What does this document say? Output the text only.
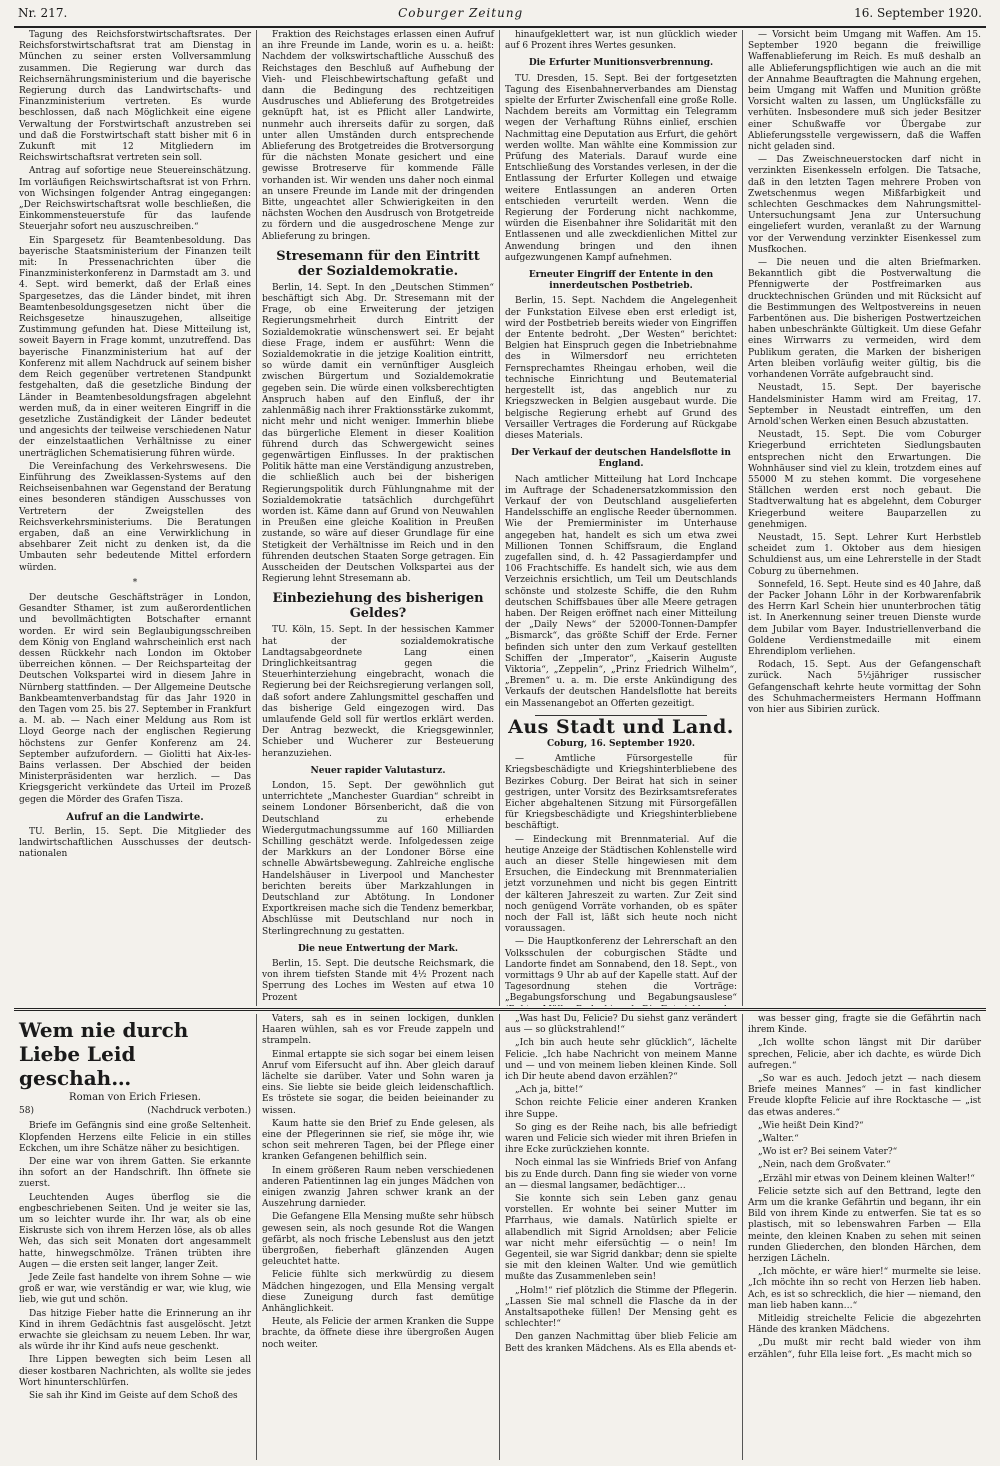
Nr. 217.	Coburger Zeitung	16. September 1920.

Tagung des Reichsforstwirtschaftsrates. Der Reichsforstwirtschaftsrat trat am Dienstag in München zu seiner ersten Vollversammlung zusammen. Die Regierung war durch das Reichsernährungsministerium und die bayerische Regierung durch das Landwirtschafts- und Finanzministerium vertreten. Es wurde beschlossen, daß nach Möglichkeit eine eigene Verwaltung der Forstwirtschaft anzustreben sei und daß die Forstwirtschaft statt bisher mit 6 in Zukunft mit 12 Mitgliedern im Reichswirtschaftsrat vertreten sein soll.

Antrag auf sofortige neue Steuereinschätzung. Im vorläufigen Reichswirtschaftsrat ist von Frhrn. von Wichsingen folgender Antrag eingegangen: „Der Reichswirtschaftsrat wolle beschließen, die Einkommensteuerstufe für das laufende Steuerjahr sofort neu auszuschreiben.“

Ein Spargesetz für Beamtenbesoldung. Das bayerische Staatsministerium der Finanzen teilt mit: In Pressenachrichten über die Finanzministerkonferenz in Darmstadt am 3. und 4. Sept. wird bemerkt, daß der Erlaß eines Spargesetzes, das die Länder bindet, mit ihren Beamtenbesoldungsgesetzen nicht über die Reichsgesetze hinauszugehen, allseitige Zustimmung gefunden hat. Diese Mitteilung ist, soweit Bayern in Frage kommt, unzutreffend. Das bayerische Finanzministerium hat auf der Konferenz mit allem Nachdruck auf seinem bisher dem Reich gegenüber vertretenen Standpunkt festgehalten, daß die gesetzliche Bindung der Länder in Beamtenbesoldungsfragen abgelehnt werden muß, da in einer weiteren Eingriff in die gesetzliche Zuständigkeit der Länder bedeutet und angesichts der teilweise verschiedenen Natur der einzelstaatlichen Verhältnisse zu einer unerträglichen Schematisierung führen würde.

Die Vereinfachung des Verkehrswesens. Die Einführung des Zweiklassen-Systems auf den Reichseisenbahnen war Gegenstand der Beratung eines besonderen ständigen Ausschusses von Vertretern der Zweigstellen des Reichsverkehrsministeriums. Die Beratungen ergaben, daß an eine Verwirklichung in absehbarer Zeit nicht zu denken ist, da die Umbauten sehr bedeutende Mittel erfordern würden.

*

Der deutsche Geschäftsträger in London, Gesandter Sthamer, ist zum außerordentlichen und bevollmächtigten Botschafter ernannt worden. Er wird sein Beglaubigungsschreiben dem König von England wahrscheinlich erst nach dessen Rückkehr nach London im Oktober überreichen können. — Der Reichsparteitag der Deutschen Volkspartei wird in diesem Jahre in Nürnberg stattfinden. — Der Allgemeine Deutsche Bankbeamtenverbandstag für das Jahr 1920 in den Tagen vom 25. bis 27. September in Frankfurt a. M. ab. — Nach einer Meldung aus Rom ist Lloyd George nach der englischen Regierung höchstens zur Genfer Konferenz am 24. September aufzufordern. — Giolitti hat Aix-les-Bains verlassen. Der Abschied der beiden Ministerpräsidenten war herzlich. — Das Kriegsgericht verkündete das Urteil im Prozeß gegen die Mörder des Grafen Tisza.

Aufruf an die Landwirte.

TU. Berlin, 15. Sept. Die Mitglieder des landwirtschaftlichen Ausschusses der deutsch-nationalen

Fraktion des Reichstages erlassen einen Aufruf an ihre Freunde im Lande, worin es u. a. heißt: Nachdem der volkswirtschaftliche Ausschuß des Reichstages den Beschluß auf Aufhebung der Vieh- und Fleischbewirtschaftung gefaßt und dann die Bedingung des rechtzeitigen Ausdrusches und Ablieferung des Brotgetreides geknüpft hat, ist es Pflicht aller Landwirte, nunmehr auch ihrerseits dafür zu sorgen, daß unter allen Umständen durch entsprechende Ablieferung des Brotgetreides die Brotversorgung für die nächsten Monate gesichert und eine gewisse Brotreserve für kommende Fälle vorhanden ist. Wir wenden uns daher noch einmal an unsere Freunde im Lande mit der dringenden Bitte, ungeachtet aller Schwierigkeiten in den nächsten Wochen den Ausdrusch von Brotgetreide zu fördern und die ausgedroschene Menge zur Ablieferung zu bringen.

Stresemann für den Eintritt der Sozialdemokratie.

Berlin, 14. Sept. In den „Deutschen Stimmen“ beschäftigt sich Abg. Dr. Stresemann mit der Frage, ob eine Erweiterung der jetzigen Regierungsmehrheit durch Eintritt der Sozialdemokratie wünschenswert sei. Er bejaht diese Frage, indem er ausführt: Wenn die Sozialdemokratie in die jetzige Koalition eintritt, so würde damit ein vernünftiger Ausgleich zwischen Bürgertum und Sozialdemokratie gegeben sein. Die würde einen volksberechtigten Anspruch haben auf den Einfluß, der ihr zahlenmäßig nach ihrer Fraktionsstärke zukommt, nicht mehr und nicht weniger. Immerhin bliebe das bürgerliche Element in dieser Koalition führend durch das Schwergewicht seines gegenwärtigen Einflusses. In der praktischen Politik hätte man eine Verständigung anzustreben, die schließlich auch bei der bisherigen Regierungspolitik durch Fühlungnahme mit der Sozialdemokratie tatsächlich durchgeführt worden ist. Käme dann auf Grund von Neuwahlen in Preußen eine gleiche Koalition in Preußen zustande, so wäre auf dieser Grundlage für eine Stetigkeit der Verhältnisse im Reich und in den führenden deutschen Staaten Sorge getragen. Ein Ausscheiden der Deutschen Volkspartei aus der Regierung lehnt Stresemann ab.

Einbeziehung des bisherigen Geldes?

TU. Köln, 15. Sept. In der hessischen Kammer hat der sozialdemokratische Landtagsabgeordnete Lang einen Dringlichkeitsantrag gegen die Steuerhinterziehung eingebracht, wonach die Regierung bei der Reichsregierung verlangen soll, daß sofort andere Zahlungsmittel geschaffen und das bisherige Geld eingezogen wird. Das umlaufende Geld soll für wertlos erklärt werden. Der Antrag bezweckt, die Kriegsgewinnler, Schieber und Wucherer zur Besteuerung heranzuziehen.

Neuer rapider Valutasturz.

London, 15. Sept. Der gewöhnlich gut unterrichtete „Manchester Guardian“ schreibt in seinem Londoner Börsenbericht, daß die von Deutschland zu erhebende Wiedergutmachungssumme auf 160 Milliarden Schilling geschätzt werde. Infolgedessen zeige der Markkurs an der Londoner Börse eine schnelle Abwärtsbewegung. Zahlreiche englische Handelshäuser in Liverpool und Manchester berichten bereits über Markzahlungen in Deutschland zur Abtötung. In Londoner Exportkreisen mache sich die Tendenz bemerkbar, Abschlüsse mit Deutschland nur noch in Sterlingrechnung zu gestatten.

Die neue Entwertung der Mark.

Berlin, 15. Sept. Die deutsche Reichsmark, die von ihrem tiefsten Stande mit 4½ Prozent nach Sperrung des Loches im Westen auf etwa 10 Prozent

hinaufgeklettert war, ist nun glücklich wieder auf 6 Prozent ihres Wertes gesunken.

Die Erfurter Munitionsverbrennung.

TU. Dresden, 15. Sept. Bei der fortgesetzten Tagung des Eisenbahnerverbandes am Dienstag spielte der Erfurter Zwischenfall eine große Rolle. Nachdem bereits am Vormittag ein Telegramm wegen der Verhaftung Rühns einlief, erschien Nachmittag eine Deputation aus Erfurt, die gehört werden wollte. Man wählte eine Kommission zur Prüfung des Materials. Darauf wurde eine Entschließung des Vorstandes verlesen, in der die Entlassung der Erfurter Kollegen und etwaige weitere Entlassungen an anderen Orten entschieden verurteilt werden. Wenn die Regierung der Forderung nicht nachkomme, würden die Eisenbahner ihre Solidarität mit den Entlassenen und alle zweckdienlichen Mittel zur Anwendung bringen und den ihnen aufgezwungenen Kampf aufnehmen.

Erneuter Eingriff der Entente in den innerdeutschen Postbetrieb.

Berlin, 15. Sept. Nachdem die Angelegenheit der Funkstation Eilvese eben erst erledigt ist, wird der Postbetrieb bereits wieder von Eingriffen der Entente bedroht. „Der Westen“ berichtet: Belgien hat Einspruch gegen die Inbetriebnahme des in Wilmersdorf neu errichteten Fernsprechamtes Rheingau erhoben, weil die technische Einrichtung und Beutematerial hergestellt ist, das angeblich nur zu Kriegszwecken in Belgien ausgebaut wurde. Die belgische Regierung erhebt auf Grund des Versailler Vertrages die Forderung auf Rückgabe dieses Materials.

Der Verkauf der deutschen Handelsflotte in England.

Nach amtlicher Mitteilung hat Lord Inchcape im Auftrage der Schadenersatzkommission den Verkauf der von Deutschland ausgelieferten Handelsschiffe an englische Reeder übernommen. Wie der Premierminister im Unterhause angegeben hat, handelt es sich um etwa zwei Millionen Tonnen Schiffsraum, die England zugefallen sind, d. h. 42 Passagierdampfer und 106 Frachtschiffe. Es handelt sich, wie aus dem Verzeichnis ersichtlich, um Teil um Deutschlands schönste und stolzeste Schiffe, die den Ruhm deutschen Schiffsbaues über alle Meere getragen haben. Der Reigen eröffnet nach einer Mitteilung der „Daily News“ der 52000-Tonnen-Dampfer „Bismarck“, das größte Schiff der Erde. Ferner befinden sich unter den zum Verkauf gestellten Schiffen der „Imperator“, „Kaiserin Auguste Viktoria“, „Zeppelin“, „Prinz Friedrich Wilhelm“, „Bremen“ u. a. m. Die erste Ankündigung des Verkaufs der deutschen Handelsflotte hat bereits ein Massenangebot an Offerten gezeitigt.

Aus Stadt und Land.
Coburg, 16. September 1920.

— Amtliche Fürsorgestelle für Kriegsbeschädigte und Kriegshinterbliebene des Bezirkes Coburg. Der Beirat hat sich in seiner gestrigen, unter Vorsitz des Bezirksamtsreferates Eicher abgehaltenen Sitzung mit Fürsorgefällen für Kriegsbeschädigte und Kriegshinterbliebene beschäftigt.

— Eindeckung mit Brennmaterial. Auf die heutige Anzeige der Städtischen Kohlenstelle wird auch an dieser Stelle hingewiesen mit dem Ersuchen, die Eindeckung mit Brennmaterialien jetzt vorzunehmen und nicht bis gegen Eintritt der kälteren Jahreszeit zu warten. Zur Zeit sind noch genügend Vorräte vorhanden, ob es später noch der Fall ist, läßt sich heute noch nicht voraussagen.

— Die Hauptkonferenz der Lehrerschaft an den Volksschulen der coburgischen Städte und Landorte findet am Sonnabend, den 18. Sept., von vormittags 9 Uhr ab auf der Kapelle statt. Auf der Tagesordnung stehen die Vorträge: „Begabungsforschung und Begabungsauslese“

— Vorsicht beim Umgang mit Waffen. Am 15. September 1920 begann die freiwillige Waffenablieferung im Reich. Es muß deshalb an alle Ablieferungspflichtigen wie auch an die mit der Annahme Beauftragten die Mahnung ergehen, beim Umgang mit Waffen und Munition größte Vorsicht walten zu lassen, um Unglücksfälle zu verhüten. Insbesondere muß sich jeder Besitzer einer Schußwaffe vor Übergabe zur Ablieferungsstelle vergewissern, daß die Waffen nicht geladen sind.

— Das Zweischneuerstocken darf nicht in verzinkten Eisenkesseln erfolgen. Die Tatsache, daß in den letzten Tagen mehrere Proben von Zwetschenmus wegen Mißfarbigkeit und schlechten Geschmackes dem Nahrungsmittel-Untersuchungsamt Jena zur Untersuchung eingeliefert wurden, veranlaßt zu der Warnung vor der Verwendung verzinkter Eisenkessel zum Musfkochen.

— Die neuen und die alten Briefmarken. Bekanntlich gibt die Postverwaltung die Pfennigwerte der Postfreimarken aus drucktechnischen Gründen und mit Rücksicht auf die Bestimmungen des Weltpostvereins in neuen Farbentönen aus. Die bisherigen Postwertzeichen haben unbeschränkte Gültigkeit. Um diese Gefahr eines Wirrwarrs zu vermeiden, wird dem Publikum geraten, die Marken der bisherigen Arten bleiben vorläufig weiter gültig, bis die vorhandenen Vorräte aufgebraucht sind.

Neustadt, 15. Sept. Der bayerische Handelsminister Hamm wird am Freitag, 17. September in Neustadt eintreffen, um den Arnold'schen Werken einen Besuch abzustatten.

Neustadt, 15. Sept. Die vom Coburger Kriegerbund errichteten Siedlungsbauten entsprechen nicht den Erwartungen. Die Wohnhäuser sind viel zu klein, trotzdem eines auf 55000 M zu stehen kommt. Die vorgesehene Ställchen werden erst noch gebaut. Die Stadtverwaltung hat es abgelehnt, dem Coburger Kriegerbund weitere Bauparzellen zu genehmigen.

Neustadt, 15. Sept. Lehrer Kurt Herbstleb scheidet zum 1. Oktober aus dem hiesigen Schuldienst aus, um eine Lehrerstelle in der Stadt Coburg zu übernehmen.

Sonnefeld, 16. Sept. Heute sind es 40 Jahre, daß der Packer Johann Löhr in der Korbwarenfabrik des Herrn Karl Schein hier ununterbrochen tätig ist. In Anerkennung seiner treuen Dienste wurde dem Jubilar vom Bayer. Industriellenverband die Goldene Verdienstmedaille mit einem Ehrendiplom verliehen.

Rodach, 15. Sept. Aus der Gefangenschaft zurück. Nach 5½jähriger russischer Gefangenschaft kehrte heute vormittag der Sohn des Schuhmachermeisters Hermann Hoffmann von hier aus Sibirien zurück.

Wem nie durch Liebe Leid geschah…
Roman von Erich Friesen.
58)	(Nachdruck verboten.)

Briefe im Gefängnis sind eine große Seltenheit. Klopfenden Herzens eilte Felicie in ein stilles Eckchen, um ihre Schätze näher zu besichtigen.

Der eine war von ihrem Gatten. Sie erkannte ihn sofort an der Handschrift. Ihn öffnete sie zuerst.

Leuchtenden Auges überflog sie die engbeschriebenen Seiten. Und je weiter sie las, um so leichter wurde ihr. Ihr war, als ob eine Eiskruste sich von ihrem Herzen löse, als ob alles Weh, das sich seit Monaten dort angesammelt hatte, hinwegschmölze. Tränen trübten ihre Augen — die ersten seit langer, langer Zeit.

Jede Zeile fast handelte von ihrem Sohne — wie groß er war, wie verständig er war, wie klug, wie lieb, wie gut und schön.

Das hitzige Fieber hatte die Erinnerung an ihr Kind in ihrem Gedächtnis fast ausgelöscht. Jetzt erwachte sie gleichsam zu neuem Leben. Ihr war, als würde ihr ihr Kind aufs neue geschenkt.

Ihre Lippen bewegten sich beim Lesen all dieser kostbaren Nachrichten, als wollte sie jedes Wort hinunterschlürfen.

Sie sah ihr Kind im Geiste auf dem Schoß des

Vaters, sah es in seinen lockigen, dunklen Haaren wühlen, sah es vor Freude zappeln und strampeln.

Einmal ertappte sie sich sogar bei einem leisen Anruf vom Eifersucht auf ihn. Aber gleich darauf lächelte sie darüber. Vater und Sohn waren ja eins. Sie liebte sie beide gleich leidenschaftlich. Es tröstete sie sogar, die beiden beieinander zu wissen.

Kaum hatte sie den Brief zu Ende gelesen, als eine der Pflegerinnen sie rief, sie möge ihr, wie schon seit mehreren Tagen, bei der Pflege einer kranken Gefangenen behilflich sein.

In einem größeren Raum neben verschiedenen anderen Patientinnen lag ein junges Mädchen von einigen zwanzig Jahren schwer krank an der Auszehrung darnieder.

Die Gefangene Ella Mensing mußte sehr hübsch gewesen sein, als noch gesunde Rot die Wangen gefärbt, als noch frische Lebenslust aus den jetzt übergroßen, fieberhaft glänzenden Augen geleuchtet hatte.

Felicie fühlte sich merkwürdig zu diesem Mädchen hingezogen, und Ella Mensing vergalt diese Zuneigung durch fast demütige Anhänglichkeit.

Heute, als Felicie der armen Kranken die Suppe brachte, da öffnete diese ihre übergroßen Augen noch weiter.

„Was hast Du, Felicie? Du siehst ganz verändert aus — so glückstrahlend!“

„Ich bin auch heute sehr glücklich“, lächelte Felicie. „Ich habe Nachricht von meinem Manne und — und von meinem lieben kleinen Kinde. Soll ich Dir heute abend davon erzählen?“

„Ach ja, bitte!“

Schon reichte Felicie einer anderen Kranken ihre Suppe.

So ging es der Reihe nach, bis alle befriedigt waren und Felicie sich wieder mit ihren Briefen in ihre Ecke zurückziehen konnte.

Noch einmal las sie Winfrieds Brief von Anfang bis zu Ende durch. Dann fing sie wieder von vorne an — diesmal langsamer, bedächtiger…

Sie konnte sich sein Leben ganz genau vorstellen. Er wohnte bei seiner Mutter im Pfarrhaus, wie damals. Natürlich spielte er allabendlich mit Sigrid Arnoldsen; aber Felicie war nicht mehr eifersüchtig — o nein! Im Gegenteil, sie war Sigrid dankbar; denn sie spielte sie mit den kleinen Walter. Und wie gemütlich mußte das Zusammenleben sein!

„Holm!“ rief plötzlich die Stimme der Pflegerin. „Lassen Sie mal schnell die Flasche da in der Anstaltsapotheke füllen! Der Mensing geht es schlechter!“

Den ganzen Nachmittag über blieb Felicie am Bett des kranken Mädchens. Als es Ella abends et-

was besser ging, fragte sie die Gefährtin nach ihrem Kinde.

„Ich wollte schon längst mit Dir darüber sprechen, Felicie, aber ich dachte, es würde Dich aufregen.“

„So war es auch. Jedoch jetzt — nach diesem Briefe meines Mannes“ — in fast kindlicher Freude klopfte Felicie auf ihre Rocktasche — „ist das etwas anderes.“

„Wie heißt Dein Kind?“

„Walter.“

„Wo ist er? Bei seinem Vater?“

„Nein, nach dem Großvater.“

„Erzähl mir etwas von Deinem kleinen Walter!“

Felicie setzte sich auf den Bettrand, legte den Arm um die kranke Gefährtin und begann, ihr ein Bild von ihrem Kinde zu entwerfen. Sie tat es so plastisch, mit so lebenswahren Farben — Ella meinte, den kleinen Knaben zu sehen mit seinen runden Gliederchen, den blonden Härchen, dem herzigen Lächeln.

„Ich möchte, er wäre hier!“ murmelte sie leise. „Ich möchte ihn so recht von Herzen lieb haben. Ach, es ist so schrecklich, die hier — niemand, den man lieb haben kann…“

Mitleidig streichelte Felicie die abgezehrten Hände des kranken Mädchens.

„Du mußt mir recht bald wieder von ihm erzählen“, fuhr Ella leise fort. „Es macht mich so
